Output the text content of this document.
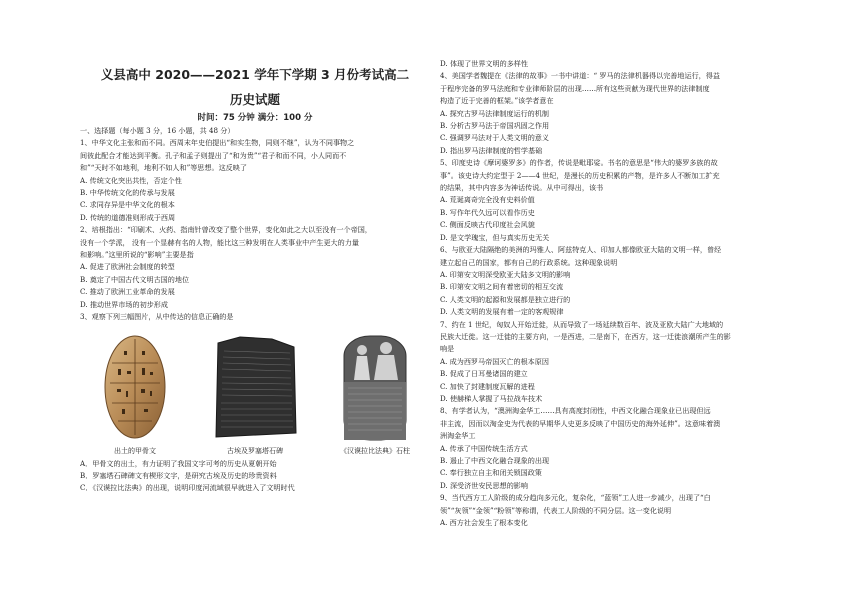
义县高中 2020——2021 学年下学期 3 月份考试高二
历史试题
时间：75 分钟 满分：100 分
一、选择题（每小题 3 分，16 小题，共 48 分）
1、中华文化主张和而不同。西周末年史伯提出“和实生物，同则不继”，认为不同事物之
间彼此配合才能达到平衡。孔子和孟子则提出了“和为贵”“君子和而不同，小人同而不
和”“天时不如地利，地利不如人和”等思想。这反映了
A. 传统文化突出共性，否定个性
B. 中华传统文化的传承与发展
C. 求同存异是中华文化的根本
D. 传统的道德准则形成于西周
2、培根指出：“印刷术、火药、指南针曾改变了整个世界，变化如此之大以至没有一个帝国，
没有一个学派， 没有一个显赫有名的人物，能比这三种发明在人类事业中产生更大的力量
和影响。”这里所说的“影响”主要是指
A. 促进了欧洲社会制度的转型
B. 奠定了中国古代文明古国的地位
C. 推动了欧洲工业革命的发展
D. 推动世界市场的初步形成
3、观察下列三幅图片，从中传达的信息正确的是
出土的甲骨文	古埃及罗塞塔石碑	《汉谟拉比法典》石柱
A．甲骨文的出土，有力证明了我国文字可考的历史从夏朝开始
B．罗塞塔石碑碑文有楔形文字，是研究古埃及历史的珍贵资料
C．《汉谟拉比法典》的出现，说明印度河流域很早就进入了文明时代
D. 体现了世界文明的多样性
4、美国学者魏提在《法律的故事》一书中讲道：“ 罗马的法律机器得以完善地运行，得益
于程序完备的罗马法庭和专业律师阶层的出现……所有这些贡献为现代世界的法律制度
构造了近于完善的框架。”该学者意在
A. 探究古罗马法律制度运行的机制
B. 分析古罗马法于帝国巩固之作用
C. 强调罗马法对于人类文明的意义
D. 指出罗马法律制度的哲学基础
5、印度史诗《摩诃婆罗多》的作者，传说是毗耶娑。书名的意思是“伟大的婆罗多族的故
事”。该史诗大约定型于 2——4 世纪，是漫长的历史积累的产物，是许多人不断加工扩充
的结果，其中内容多为神话传说。从中可得出，该书
A. 荒诞离奇完全没有史料价值
B. 写作年代久远可以看作历史
C. 侧面反映古代印度社会风貌
D. 是文学瑰宝，但与真实历史无关
6、与欧亚大陆隔绝的美洲的玛雅人、阿兹特克人、印加人都像欧亚大陆的文明一样，曾经
建立起自己的国家，都有自己的行政系统。这种现象说明
A. 印第安文明深受欧亚大陆多文明的影响
B. 印第安文明之间有着密切的相互交流
C. 人类文明的起源和发展都是独立进行的
D. 人类文明的发展有着一定的客观规律
7、约在 1 世纪，匈奴人开始迁徙，从而导致了一场延续数百年、波及亚欧大陆广大地域的
民族大迁徙。这一迁徙的主要方向，一是西进，二是南下，在西方，这一迁徙浪潮所产生的影
响是
A. 成为西罗马帝国灭亡的根本原因
B. 促成了日耳曼诸国的建立
C. 加快了封建制度瓦解的进程
D. 使赫梯人掌握了马拉战车技术
8、有学者认为，“澳洲淘金华工……具有高度封闭性，中西文化融合现象业已出现但远
非主流，因而以淘金史为代表的早期华人史更多反映了中国历史的海外延伸”。这意味着澳
洲淘金华工
A. 传承了中国传统生活方式
B. 遏止了中西文化融合现象的出现
C. 奉行独立自主和闭关锁国政策
D. 深受济世安民思想的影响
9、当代西方工人阶级的成分趋向多元化，复杂化，“蓝领”工人进一步减少，出现了“白
领”“灰领”“金领”“粉领”等称谓，代表工人阶级的不同分层。这一变化说明
A. 西方社会发生了根本变化
